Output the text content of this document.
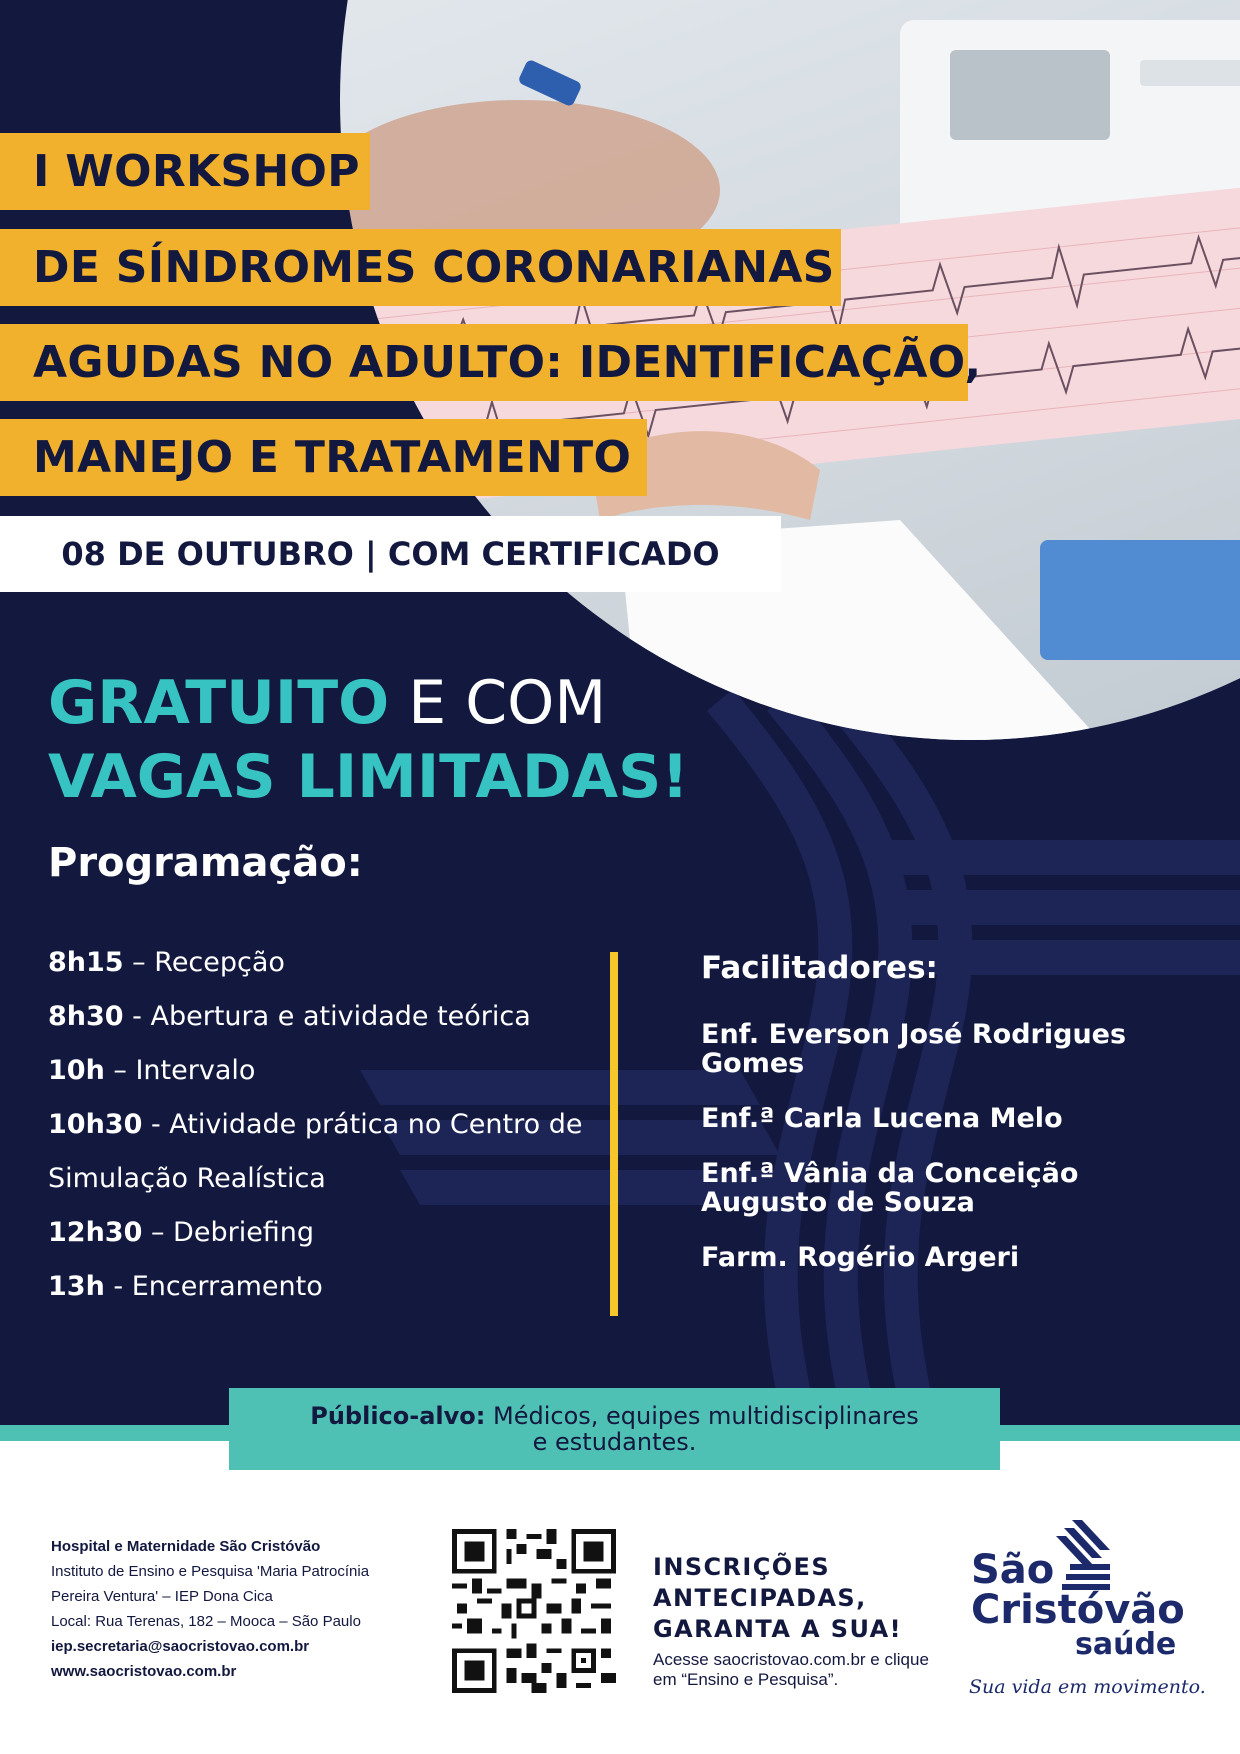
I WORKSHOP
DE SÍNDROMES CORONARIANAS
AGUDAS NO ADULTO: IDENTIFICAÇÃO,
MANEJO E TRATAMENTO
08 DE OUTUBRO | COM CERTIFICADO
GRATUITO E COM
VAGAS LIMITADAS!
Programação:
8h15 – Recepção
8h30 - Abertura e atividade teórica
10h – Intervalo
10h30 - Atividade prática no Centro de
Simulação Realística
12h30 – Debriefing
13h - Encerramento
Facilitadores:
Enf. Everson José Rodrigues
Gomes
Enf.ª Carla Lucena Melo
Enf.ª Vânia da Conceição
Augusto de Souza
Farm. Rogério Argeri
Público-alvo: Médicos, equipes multidisciplinares
e estudantes.
Hospital e Maternidade São Cristóvão
Instituto de Ensino e Pesquisa 'Maria Patrocínia
Pereira Ventura' – IEP Dona Cica
Local: Rua Terenas, 182 – Mooca – São Paulo
iep.secretaria@saocristovao.com.br
www.saocristovao.com.br
INSCRIÇÕES
ANTECIPADAS,
GARANTA A SUA!
Acesse saocristovao.com.br e clique em “Ensino e Pesquisa”.
São
Cristóvão
saúde
Sua vida em movimento.
